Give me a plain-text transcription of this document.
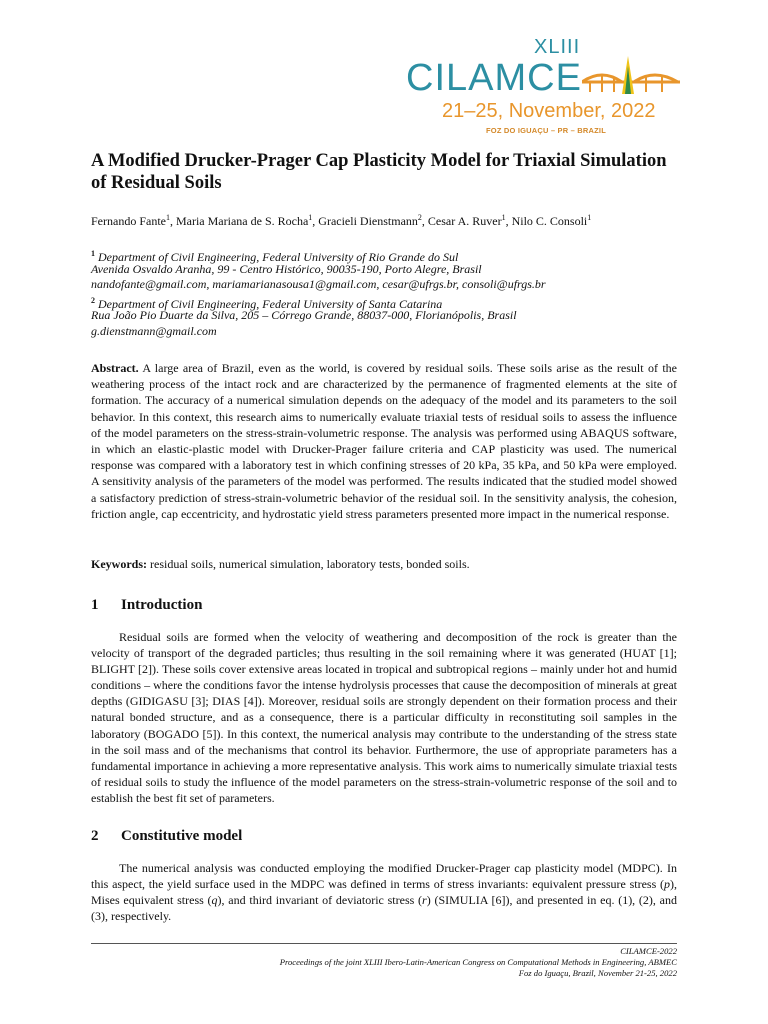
XLIII
CILAMCE
21–25, November, 2022
FOZ DO IGUAÇU – PR – BRAZIL
A Modified Drucker-Prager Cap Plasticity Model for Triaxial Simulation of Residual Soils
Fernando Fante$^1$, Maria Mariana de S. Rocha$^1$, Gracieli Dienstmann$^2$, Cesar A. Ruver$^1$, Nilo C. Consoli$^1$
$^1$ Department of Civil Engineering, Federal University of Rio Grande do Sul
Avenida Osvaldo Aranha, 99 - Centro Histórico, 90035-190, Porto Alegre, Brasil
nandofante@gmail.com, mariamarianasousa1@gmail.com, cesar@ufrgs.br, consoli@ufrgs.br
$^2$ Department of Civil Engineering, Federal University of Santa Catarina
Rua João Pio Duarte da Silva, 205 – Córrego Grande, 88037-000, Florianópolis, Brasil
g.dienstmann@gmail.com
Abstract. A large area of Brazil, even as the world, is covered by residual soils. These soils arise as the result of the weathering process of the intact rock and are characterized by the permanence of fragmented elements at the site of formation. The accuracy of a numerical simulation depends on the adequacy of the model and its parameters to the soil behavior. In this context, this research aims to numerically evaluate triaxial tests of residual soils to assess the influence of the model parameters on the stress-strain-volumetric response. The analysis was performed using ABAQUS software, in which an elastic-plastic model with Drucker-Prager failure criteria and CAP plasticity was used. The numerical response was compared with a laboratory test in which confining stresses of 20 kPa, 35 kPa, and 50 kPa were employed. A sensitivity analysis of the parameters of the model was performed. The results indicated that the studied model showed a satisfactory prediction of stress-strain-volumetric behavior of the residual soil. In the sensitivity analysis, the cohesion, friction angle, cap eccentricity, and hydrostatic yield stress parameters presented more impact in the numerical response.
Keywords: residual soils, numerical simulation, laboratory tests, bonded soils.
1 Introduction
Residual soils are formed when the velocity of weathering and decomposition of the rock is greater than the velocity of transport of the degraded particles; thus resulting in the soil remaining where it was generated (HUAT [1]; BLIGHT [2]). These soils cover extensive areas located in tropical and subtropical regions – mainly under hot and humid conditions – where the conditions favor the intense hydrolysis processes that cause the decomposition of minerals at great depths (GIDIGASU [3]; DIAS [4]). Moreover, residual soils are strongly dependent on their formation process and their natural bonded structure, and as a consequence, there is a particular difficulty in reconstituting soil samples in the laboratory (BOGADO [5]). In this context, the numerical analysis may contribute to the understanding of the stress state in the soil mass and of the mechanisms that control its behavior. Furthermore, the use of appropriate parameters has a fundamental importance in achieving a more representative analysis. This work aims to numerically simulate triaxial tests of residual soils to study the influence of the model parameters on the stress-strain-volumetric response of the soil and to establish the best fit set of parameters.
2 Constitutive model
The numerical analysis was conducted employing the modified Drucker-Prager cap plasticity model (MDPC). In this aspect, the yield surface used in the MDPC was defined in terms of stress invariants: equivalent pressure stress (p), Mises equivalent stress (q), and third invariant of deviatoric stress (r) (SIMULIA [6]), and presented in eq. (1), (2), and (3), respectively.
CILAMCE-2022
Proceedings of the joint XLIII Ibero-Latin-American Congress on Computational Methods in Engineering, ABMEC
Foz do Iguaçu, Brazil, November 21-25, 2022
